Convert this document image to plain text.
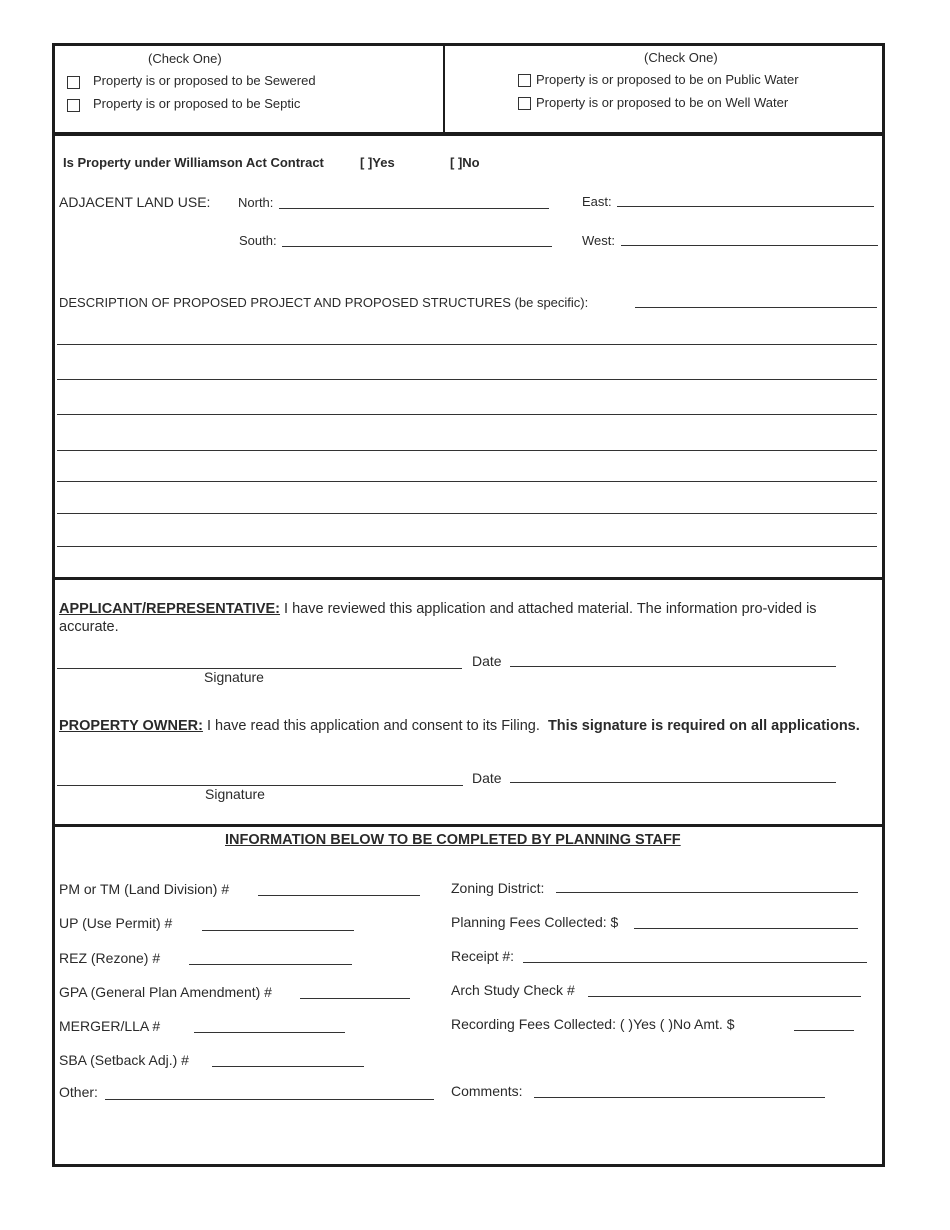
(Check One)
Property is or proposed to be Sewered
Property is or proposed to be Septic
(Check One)
Property is or proposed to be on Public Water
Property is or proposed to be on Well Water
Is Property under Williamson Act Contract	[ ]Yes	[ ]No
ADJACENT LAND USE: North:	East:
South:	West:
DESCRIPTION OF PROPOSED PROJECT AND PROPOSED STRUCTURES (be specific):
APPLICANT/REPRESENTATIVE: I have reviewed this application and attached material. The information pro-vided is accurate.
Date
Signature
PROPERTY OWNER: I have read this application and consent to its Filing. This signature is required on all applications.
Date
Signature
INFORMATION BELOW TO BE COMPLETED BY PLANNING STAFF
PM or TM (Land Division) #
UP (Use Permit) #
REZ (Rezone) #
GPA (General Plan Amendment) #
MERGER/LLA #
SBA (Setback Adj.) #
Other:
Zoning District:
Planning Fees Collected: $
Receipt #:
Arch Study Check #
Recording Fees Collected: ( )Yes ( )No Amt. $
Comments:
